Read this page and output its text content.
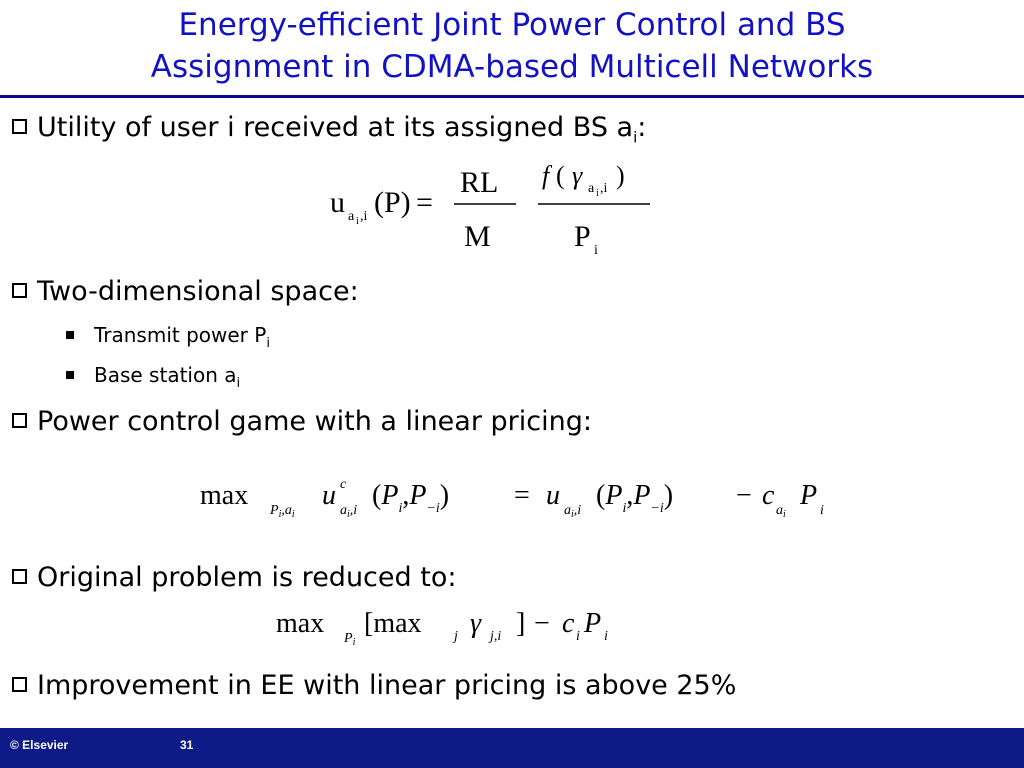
Energy-efficient Joint Power Control and BS
Assignment in CDMA-based Multicell Networks
Utility of user i received at its assigned BS $a_i$:
u a i ,i (P) =
RL
M
f ( γ a i ,i )
P i
Two-dimensional space:
Transmit power $P_i$
Base station $a_i$
Power control game with a linear pricing:
$\max P_i,a_i$
u c
$a_i,i$ $(P_i,P_{-i}) = u$ $a_i,i$ $(P_i,P_{-i}) - c$ $a_i$
P i
Original problem is reduced to:
$\max P_i$
[max j γ j,i ] − c i P i
Improvement in EE with linear pricing is above 25%
© Elsevier	31
